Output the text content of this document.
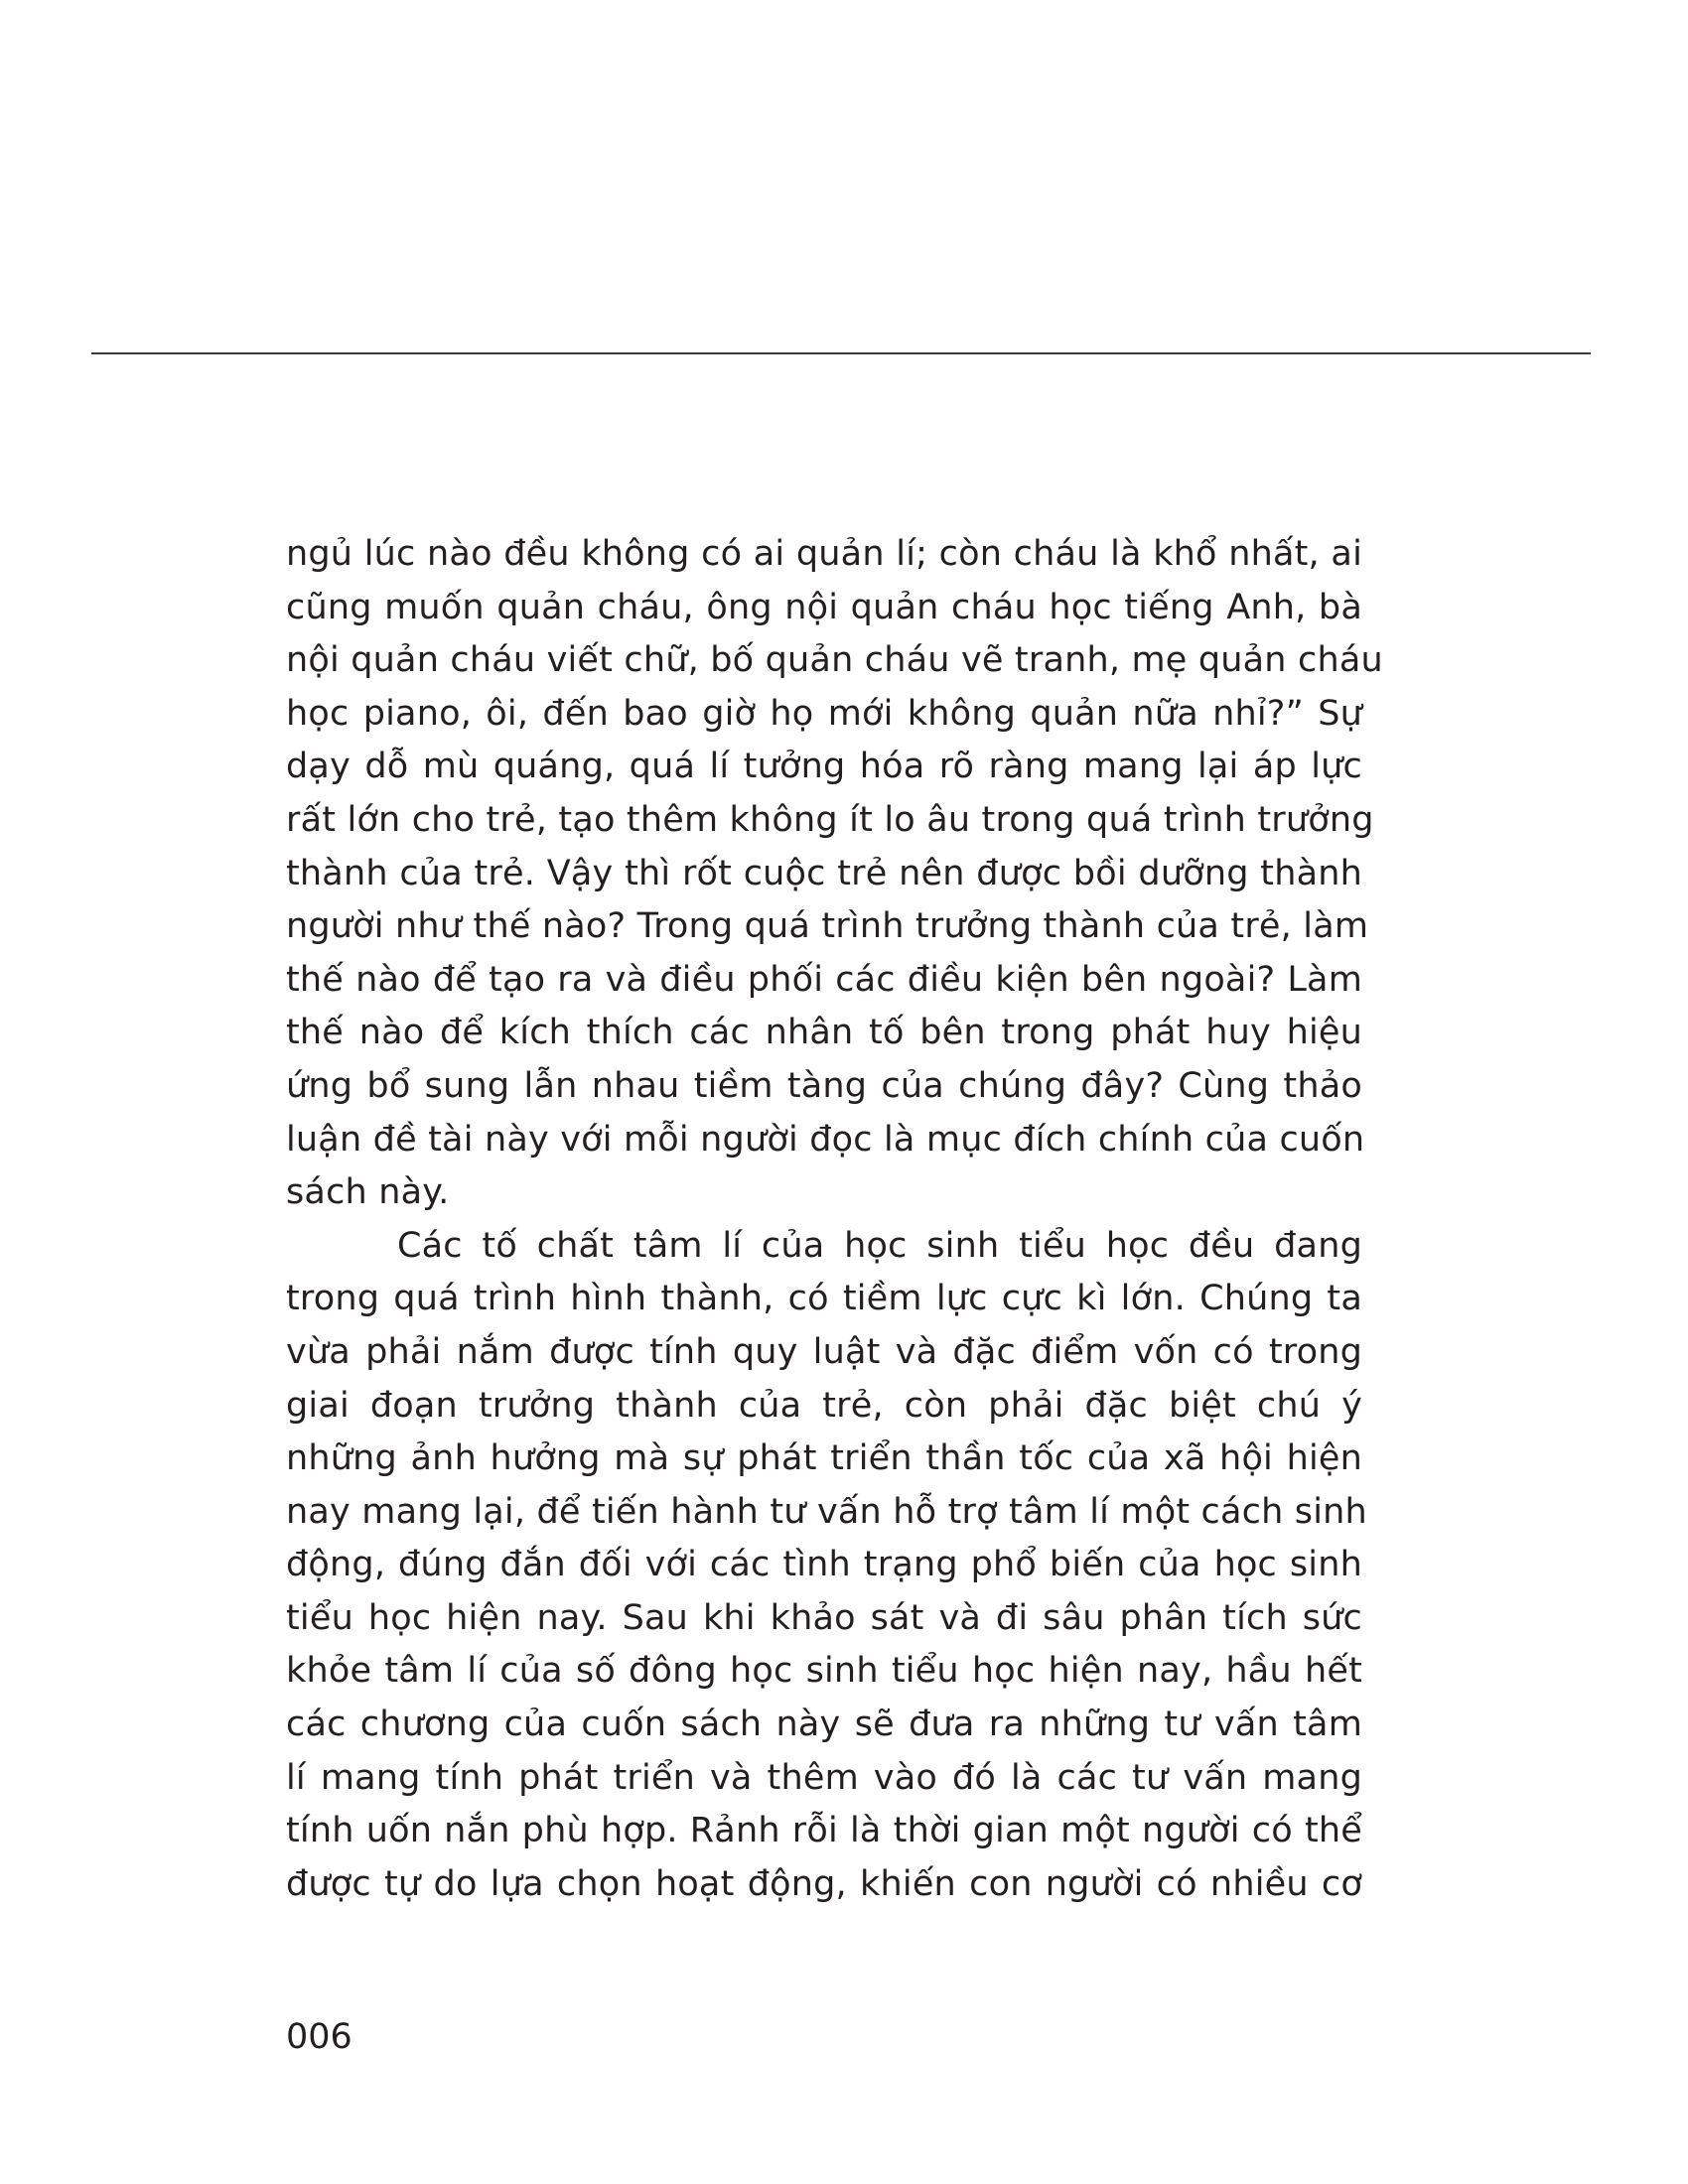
ngủ lúc nào đều không có ai quản lí; còn cháu là khổ nhất, ai
cũng muốn quản cháu, ông nội quản cháu học tiếng Anh, bà
nội quản cháu viết chữ, bố quản cháu vẽ tranh, mẹ quản cháu
học piano, ôi, đến bao giờ họ mới không quản nữa nhỉ?” Sự
dạy dỗ mù quáng, quá lí tưởng hóa rõ ràng mang lại áp lực
rất lớn cho trẻ, tạo thêm không ít lo âu trong quá trình trưởng
thành của trẻ. Vậy thì rốt cuộc trẻ nên được bồi dưỡng thành
người như thế nào? Trong quá trình trưởng thành của trẻ, làm
thế nào để tạo ra và điều phối các điều kiện bên ngoài? Làm
thế nào để kích thích các nhân tố bên trong phát huy hiệu
ứng bổ sung lẫn nhau tiềm tàng của chúng đây? Cùng thảo
luận đề tài này với mỗi người đọc là mục đích chính của cuốn
sách này.
Các tố chất tâm lí của học sinh tiểu học đều đang
trong quá trình hình thành, có tiềm lực cực kì lớn. Chúng ta
vừa phải nắm được tính quy luật và đặc điểm vốn có trong
giai đoạn trưởng thành của trẻ, còn phải đặc biệt chú ý
những ảnh hưởng mà sự phát triển thần tốc của xã hội hiện
nay mang lại, để tiến hành tư vấn hỗ trợ tâm lí một cách sinh
động, đúng đắn đối với các tình trạng phổ biến của học sinh
tiểu học hiện nay. Sau khi khảo sát và đi sâu phân tích sức
khỏe tâm lí của số đông học sinh tiểu học hiện nay, hầu hết
các chương của cuốn sách này sẽ đưa ra những tư vấn tâm
lí mang tính phát triển và thêm vào đó là các tư vấn mang
tính uốn nắn phù hợp. Rảnh rỗi là thời gian một người có thể
được tự do lựa chọn hoạt động, khiến con người có nhiều cơ
006
